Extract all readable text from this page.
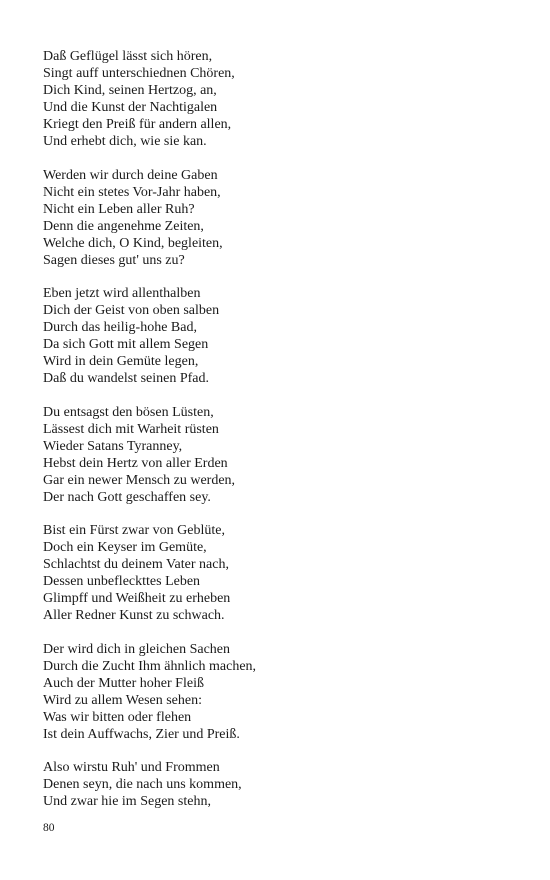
Daß Geflügel lässt sich hören,
Singt auff unterschiednen Chören,
Dich Kind, seinen Hertzog, an,
Und die Kunst der Nachtigalen
Kriegt den Preiß für andern allen,
Und erhebt dich, wie sie kan.
Werden wir durch deine Gaben
Nicht ein stetes Vor-Jahr haben,
Nicht ein Leben aller Ruh?
Denn die angenehme Zeiten,
Welche dich, O Kind, begleiten,
Sagen dieses gut' uns zu?
Eben jetzt wird allenthalben
Dich der Geist von oben salben
Durch das heilig-hohe Bad,
Da sich Gott mit allem Segen
Wird in dein Gemüte legen,
Daß du wandelst seinen Pfad.
Du entsagst den bösen Lüsten,
Lässest dich mit Warheit rüsten
Wieder Satans Tyranney,
Hebst dein Hertz von aller Erden
Gar ein newer Mensch zu werden,
Der nach Gott geschaffen sey.
Bist ein Fürst zwar von Geblüte,
Doch ein Keyser im Gemüte,
Schlachtst du deinem Vater nach,
Dessen unbefleckttes Leben
Glimpff und Weißheit zu erheben
Aller Redner Kunst zu schwach.
Der wird dich in gleichen Sachen
Durch die Zucht Ihm ähnlich machen,
Auch der Mutter hoher Fleiß
Wird zu allem Wesen sehen:
Was wir bitten oder flehen
Ist dein Auffwachs, Zier und Preiß.
Also wirstu Ruh' und Frommen
Denen seyn, die nach uns kommen,
Und zwar hie im Segen stehn,
80
